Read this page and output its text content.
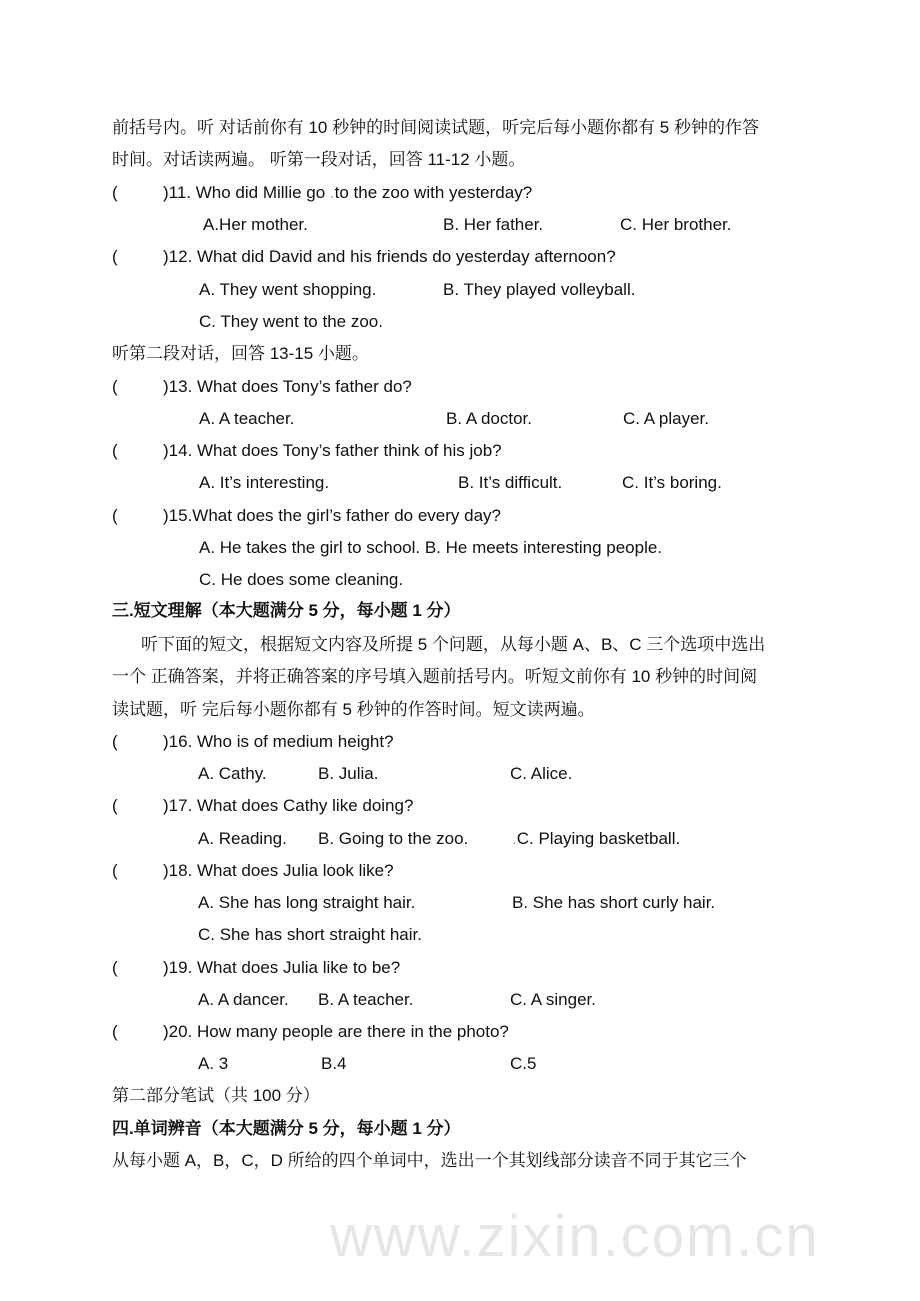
www.zixin.com.cn
前括号内。听 对话前你有 10 秒钟的时间阅读试题，听完后每小题你都有 5 秒钟的作答
时间。对话读两遍。 听第一段对话，回答 11-12 小题。
(	)11. Who did Millie go .to the zoo with yesterday?
A.Her mother.	B. Her father.	C. Her brother.
(	)12. What did David and his friends do yesterday afternoon?
A. They went shopping.	B. They played volleyball.
C. They went to the zoo.
听第二段对话，回答 13-15 小题。
(	)13. What does Tony’s father do?
A. A teacher.	B. A doctor.	C. A player.
(	)14. What does Tony’s father think of his job?
A. It’s interesting.	B. It’s difficult.	C. It’s boring.
(	)15.What does the girl’s father do every day?
A. He takes the girl to school. B. He meets interesting people.
C. He does some cleaning.
三.短文理解（本大题满分 5 分，每小题 1 分）
听下面的短文，根据短文内容及所提 5 个问题，从每小题 A、B、C 三个选项中选出
一个 正确答案，并将正确答案的序号填入题前括号内。听短文前你有 10 秒钟的时间阅
读试题，听 完后每小题你都有 5 秒钟的作答时间。短文读两遍。
(	)16. Who is of medium height?
A. Cathy.	B. Julia.	C. Alice.
(	)17. What does Cathy like doing?
A. Reading. B. Going to the zoo.	.C. Playing basketball.
(	)18. What does Julia look like?
A. She has long straight hair.	B. She has short curly hair.
C. She has short straight hair.
(	)19. What does Julia like to be?
A. A dancer. B. A teacher.	C. A singer.
(	)20. How many people are there in the photo?
A. 3	B.4	C.5
第二部分笔试（共 100 分）
四.单词辨音（本大题满分 5 分，每小题 1 分）
从每小题 A，B，C，D 所给的四个单词中，选出一个其划线部分读音不同于其它三个
